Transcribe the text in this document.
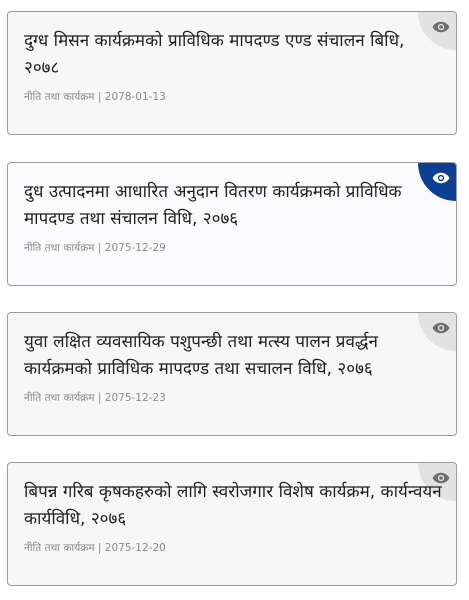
दुग्ध मिसन कार्यक्रमको प्राविधिक मापदण्ड एण्ड संचालन बिधि,
२०७८
नीति तथा कार्यक्रम | 2078-01-13
दुध उत्पादनमा आधारित अनुदान वितरण कार्यक्रमको प्राविधिक
मापदण्ड तथा संचालन विधि, २०७६
नीति तथा कार्यक्रम | 2075-12-29
युवा लक्षित व्यवसायिक पशुपन्छी तथा मत्स्य पालन प्रवर्द्धन
कार्यक्रमको प्राविधिक मापदण्ड तथा सचालन विधि, २०७६
नीति तथा कार्यक्रम | 2075-12-23
बिपन्न गरिब कृषकहरुको लागि स्वरोजगार विशेष कार्यक्रम, कार्यन्वयन
कार्यविधि, २०७६
नीति तथा कार्यक्रम | 2075-12-20
